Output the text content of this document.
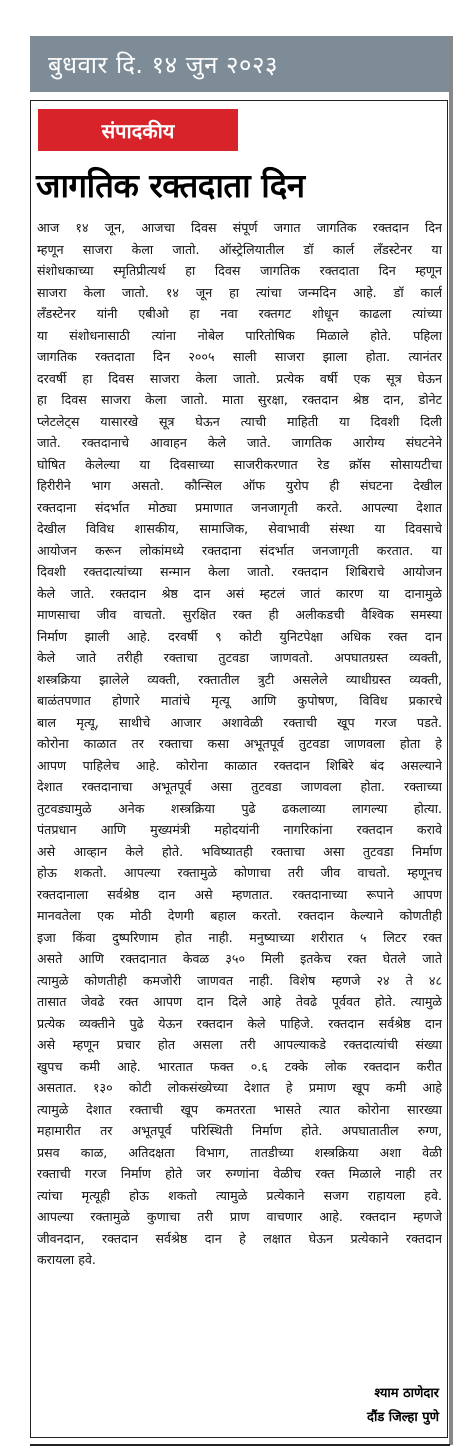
बुधवार दि. १४ जुन २०२३
संपादकीय
जागतिक रक्तदाता दिन
आज १४ जून, आजचा दिवस संपूर्ण जगात जागतिक रक्तदान दिन
म्हणून साजरा केला जातो. ऑस्ट्रेलियातील डॉ कार्ल लँडस्टेनर या
संशोधकाच्या स्मृतिप्रीत्यर्थ हा दिवस जागतिक रक्तदाता दिन म्हणून
साजरा केला जातो. १४ जून हा त्यांचा जन्मदिन आहे. डॉ कार्ल
लॅंडस्टेनर यांनी एबीओ हा नवा रक्तगट शोधून काढला त्यांच्या
या संशोधनासाठी त्यांना नोबेल पारितोषिक मिळाले होते. पहिला
जागतिक रक्तदाता दिन २००५ साली साजरा झाला होता. त्यानंतर
दरवर्षी हा दिवस साजरा केला जातो. प्रत्येक वर्षी एक सूत्र घेऊन
हा दिवस साजरा केला जातो. माता सुरक्षा, रक्तदान श्रेष्ठ दान, डोनेट
प्लेटलेट्स यासारखे सूत्र घेऊन त्याची माहिती या दिवशी दिली
जाते. रक्तदानाचे आवाहन केले जाते. जागतिक आरोग्य संघटनेने
घोषित केलेल्या या दिवसाच्या साजरीकरणात रेड क्रॉस सोसायटीचा
हिरीरीने भाग असतो. कौन्सिल ऑफ युरोप ही संघटना देखील
रक्तदाना संदर्भात मोठ्या प्रमाणात जनजागृती करते. आपल्या देशात
देखील विविध शासकीय, सामाजिक, सेवाभावी संस्था या दिवसाचे
आयोजन करून लोकांमध्ये रक्तदाना संदर्भात जनजागृती करतात. या
दिवशी रक्तदात्यांच्या सन्मान केला जातो. रक्तदान शिबिराचे आयोजन
केले जाते. रक्तदान श्रेष्ठ दान असं म्हटलं जातं कारण या दानामुळे
माणसाचा जीव वाचतो. सुरक्षित रक्त ही अलीकडची वैश्विक समस्या
निर्माण झाली आहे. दरवर्षी ९ कोटी युनिटपेक्षा अधिक रक्त दान
केले जाते तरीही रक्ताचा तुटवडा जाणवतो. अपघातग्रस्त व्यक्ती,
शस्त्रक्रिया झालेले व्यक्ती, रक्तातील त्रुटी असलेले व्याधीग्रस्त व्यक्ती,
बाळंतपणात होणारे मातांचे मृत्यू आणि कुपोषण, विविध प्रकारचे
बाल मृत्यू, साथीचे आजार अशावेळी रक्ताची खूप गरज पडते.
कोरोना काळात तर रक्ताचा कसा अभूतपूर्व तुटवडा जाणवला होता हे
आपण पाहिलेच आहे. कोरोना काळात रक्तदान शिबिरे बंद असल्याने
देशात रक्तदानाचा अभूतपूर्व असा तुटवडा जाणवला होता. रक्ताच्या
तुटवड्यामुळे अनेक शस्त्रक्रिया पुढे ढकलाव्या लागल्या होत्या.
पंतप्रधान आणि मुख्यमंत्री महोदयांनी नागरिकांना रक्तदान करावे
असे आव्हान केले होते. भविष्यातही रक्ताचा असा तुटवडा निर्माण
होऊ शकतो. आपल्या रक्तामुळे कोणाचा तरी जीव वाचतो. म्हणूनच
रक्तदानाला सर्वश्रेष्ठ दान असे म्हणतात. रक्तदानाच्या रूपाने आपण
मानवतेला एक मोठी देणगी बहाल करतो. रक्तदान केल्याने कोणतीही
इजा किंवा दुष्परिणाम होत नाही. मनुष्याच्या शरीरात ५ लिटर रक्त
असते आणि रक्तदानात केवळ ३५० मिली इतकेच रक्त घेतले जाते
त्यामुळे कोणतीही कमजोरी जाणवत नाही. विशेष म्हणजे २४ ते ४८
तासात जेवढे रक्त आपण दान दिले आहे तेवढे पूर्ववत होते. त्यामुळे
प्रत्येक व्यक्तीने पुढे येऊन रक्तदान केले पाहिजे. रक्तदान सर्वश्रेष्ठ दान
असे म्हणून प्रचार होत असला तरी आपल्याकडे रक्तदात्यांची संख्या
खुपच कमी आहे. भारतात फक्त ०.६ टक्के लोक रक्तदान करीत
असतात. १३० कोटी लोकसंख्येच्या देशात हे प्रमाण खूप कमी आहे
त्यामुळे देशात रक्ताची खूप कमतरता भासते त्यात कोरोना सारख्या
महामारीत तर अभूतपूर्व परिस्थिती निर्माण होते. अपघातातील रुग्ण,
प्रसव काळ, अतिदक्षता विभाग, तातडीच्या शस्त्रक्रिया अशा वेळी
रक्ताची गरज निर्माण होते जर रुग्णांना वेळीच रक्त मिळाले नाही तर
त्यांचा मृत्यूही होऊ शकतो त्यामुळे प्रत्येकाने सजग राहायला हवे.
आपल्या रक्तामुळे कुणाचा तरी प्राण वाचणार आहे. रक्तदान म्हणजे
जीवनदान, रक्तदान सर्वश्रेष्ठ दान हे लक्षात घेऊन प्रत्येकाने रक्तदान
करायला हवे.
श्याम ठाणेदार
दौंड जिल्हा पुणे
